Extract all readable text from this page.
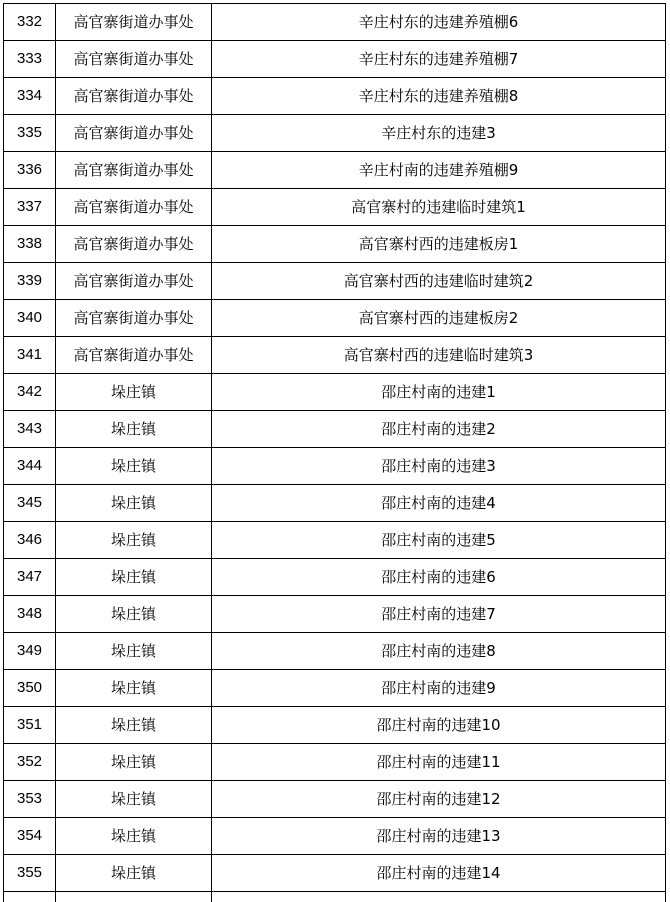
332	高官寨街道办事处	辛庄村东的违建养殖棚6
333	高官寨街道办事处	辛庄村东的违建养殖棚7
334	高官寨街道办事处	辛庄村东的违建养殖棚8
335	高官寨街道办事处	辛庄村东的违建3
336	高官寨街道办事处	辛庄村南的违建养殖棚9
337	高官寨街道办事处	高官寨村的违建临时建筑1
338	高官寨街道办事处	高官寨村西的违建板房1
339	高官寨街道办事处	高官寨村西的违建临时建筑2
340	高官寨街道办事处	高官寨村西的违建板房2
341	高官寨街道办事处	高官寨村西的违建临时建筑3
342	垛庄镇	邵庄村南的违建1
343	垛庄镇	邵庄村南的违建2
344	垛庄镇	邵庄村南的违建3
345	垛庄镇	邵庄村南的违建4
346	垛庄镇	邵庄村南的违建5
347	垛庄镇	邵庄村南的违建6
348	垛庄镇	邵庄村南的违建7
349	垛庄镇	邵庄村南的违建8
350	垛庄镇	邵庄村南的违建9
351	垛庄镇	邵庄村南的违建10
352	垛庄镇	邵庄村南的违建11
353	垛庄镇	邵庄村南的违建12
354	垛庄镇	邵庄村南的违建13
355	垛庄镇	邵庄村南的违建14
